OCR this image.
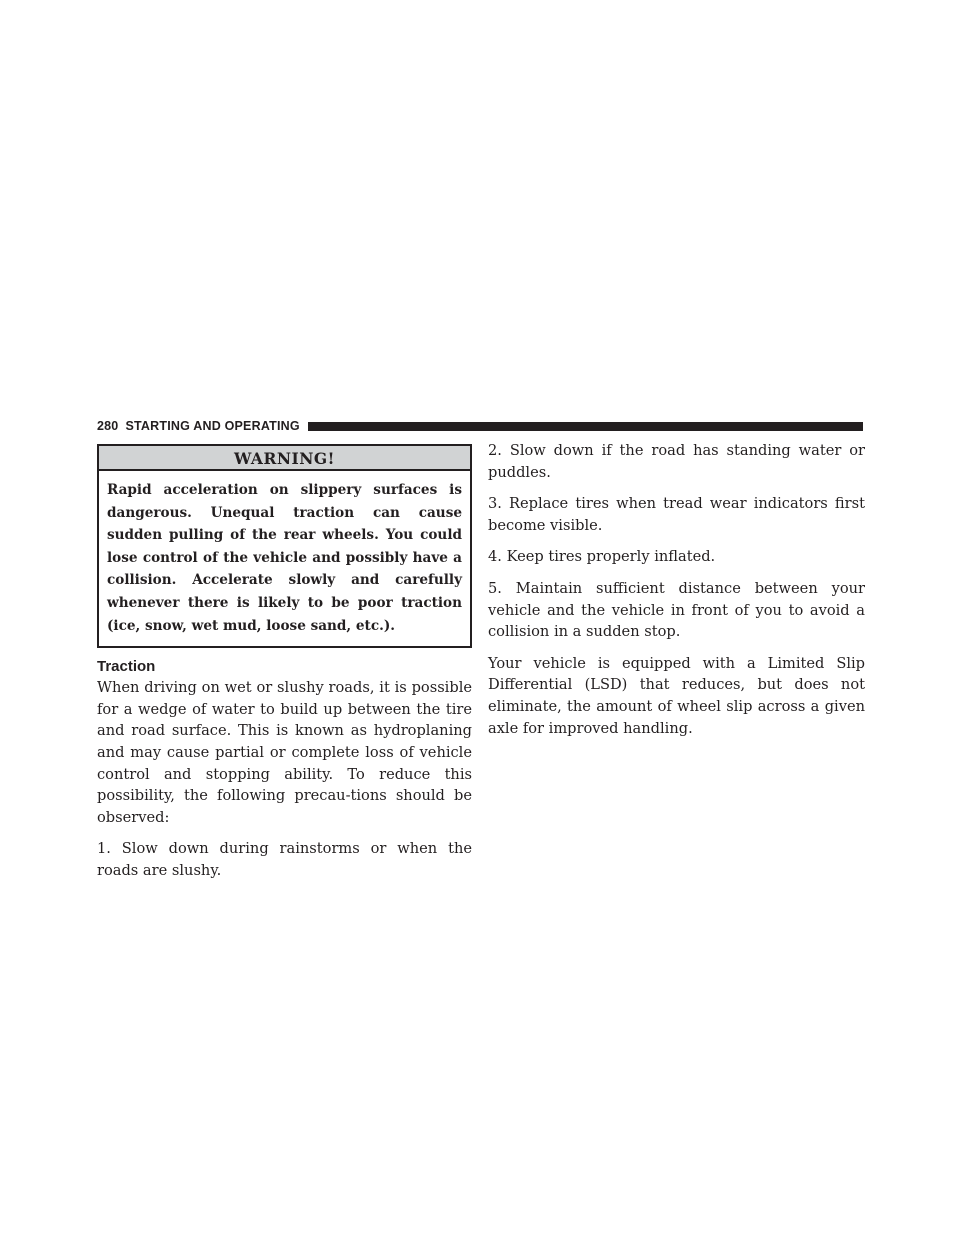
280 STARTING AND OPERATING
WARNING!
Rapid acceleration on slippery surfaces is dangerous. Unequal traction can cause sudden pulling of the rear wheels. You could lose control of the vehicle and possibly have a collision. Accelerate slowly and carefully whenever there is likely to be poor traction (ice, snow, wet mud, loose sand, etc.).
Traction

When driving on wet or slushy roads, it is possible for a wedge of water to build up between the tire and road surface. This is known as hydroplaning and may cause partial or complete loss of vehicle control and stopping ability. To reduce this possibility, the following precau-tions should be observed:

1. Slow down during rainstorms or when the roads are slushy.

2. Slow down if the road has standing water or puddles.

3. Replace tires when tread wear indicators first become visible.

4. Keep tires properly inflated.

5. Maintain sufficient distance between your vehicle and the vehicle in front of you to avoid a collision in a sudden stop.

Your vehicle is equipped with a Limited Slip Differential (LSD) that reduces, but does not eliminate, the amount of wheel slip across a given axle for improved handling.
